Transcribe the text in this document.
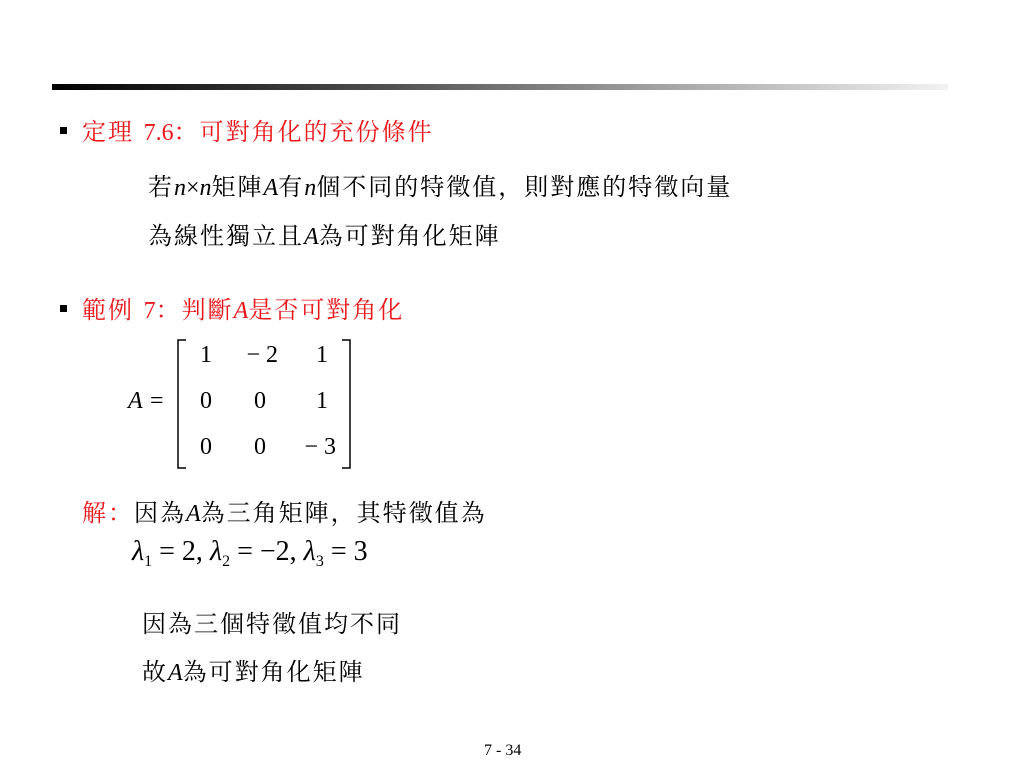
定理 7.6：可對角化的充份條件
若n×n矩陣A有n個不同的特徵值，則對應的特徵向量
為線性獨立且A為可對角化矩陣
範例 7：判斷A是否可對角化
A =
1	− 2	1
0	0	1
0	0	− 3
解：因為A為三角矩陣，其特徵值為
$\lambda_1 = 2$, $\lambda_2 = -2$, $\lambda_3 = 3$
因為三個特徵值均不同
故A為可對角化矩陣
7 - 34
